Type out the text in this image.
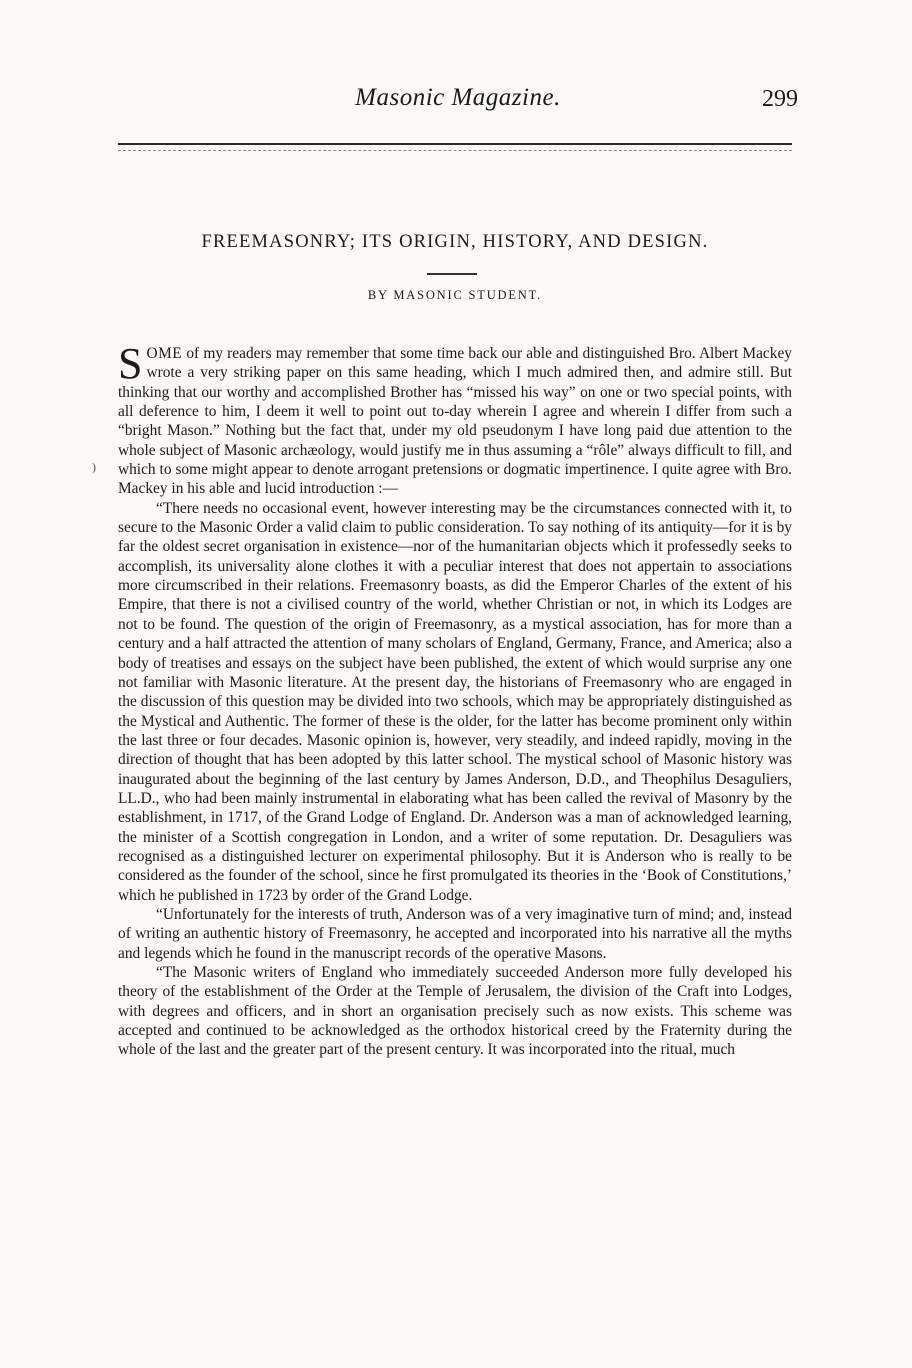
Masonic Magazine.	299
FREEMASONRY; ITS ORIGIN, HISTORY, AND DESIGN.
BY MASONIC STUDENT.
)

SOME of my readers may remember that some time back our able and distinguished Bro. Albert Mackey wrote a very striking paper on this same heading, which I much admired then, and admire still. But thinking that our worthy and accomplished Brother has “missed his way” on one or two special points, with all deference to him, I deem it well to point out to-day wherein I agree and wherein I differ from such a “bright Mason.” Nothing but the fact that, under my old pseudonym I have long paid due attention to the whole subject of Masonic archæology, would justify me in thus assuming a “rôle” always difficult to fill, and which to some might appear to denote arrogant pretensions or dogmatic impertinence. I quite agree with Bro. Mackey in his able and lucid introduction :—

“There needs no occasional event, however interesting may be the circumstances connected with it, to secure to the Masonic Order a valid claim to public consideration. To say nothing of its antiquity—for it is by far the oldest secret organisation in existence—nor of the humanitarian objects which it professedly seeks to accomplish, its universality alone clothes it with a peculiar interest that does not appertain to associations more circumscribed in their relations. Freemasonry boasts, as did the Emperor Charles of the extent of his Empire, that there is not a civilised country of the world, whether Christian or not, in which its Lodges are not to be found. The question of the origin of Freemasonry, as a mystical association, has for more than a century and a half attracted the attention of many scholars of England, Germany, France, and America; also a body of treatises and essays on the subject have been published, the extent of which would surprise any one not familiar with Masonic literature. At the present day, the historians of Freemasonry who are engaged in the discussion of this question may be divided into two schools, which may be appropriately distinguished as the Mystical and Authentic. The former of these is the older, for the latter has become prominent only within the last three or four decades. Masonic opinion is, however, very steadily, and indeed rapidly, moving in the direction of thought that has been adopted by this latter school. The mystical school of Masonic history was inaugurated about the beginning of the last century by James Anderson, D.D., and Theophilus Desaguliers, LL.D., who had been mainly instrumental in elaborating what has been called the revival of Masonry by the establishment, in 1717, of the Grand Lodge of England. Dr. Anderson was a man of acknowledged learning, the minister of a Scottish congregation in London, and a writer of some reputation. Dr. Desaguliers was recognised as a distinguished lecturer on experimental philosophy. But it is Anderson who is really to be considered as the founder of the school, since he first promulgated its theories in the ‘Book of Constitutions,’ which he published in 1723 by order of the Grand Lodge.

“Unfortunately for the interests of truth, Anderson was of a very imaginative turn of mind; and, instead of writing an authentic history of Freemasonry, he accepted and incorporated into his narrative all the myths and legends which he found in the manuscript records of the operative Masons.

“The Masonic writers of England who immediately succeeded Anderson more fully developed his theory of the establishment of the Order at the Temple of Jerusalem, the division of the Craft into Lodges, with degrees and officers, and in short an organisation precisely such as now exists. This scheme was accepted and continued to be acknowledged as the orthodox historical creed by the Fraternity during the whole of the last and the greater part of the present century. It was incorporated into the ritual, much
